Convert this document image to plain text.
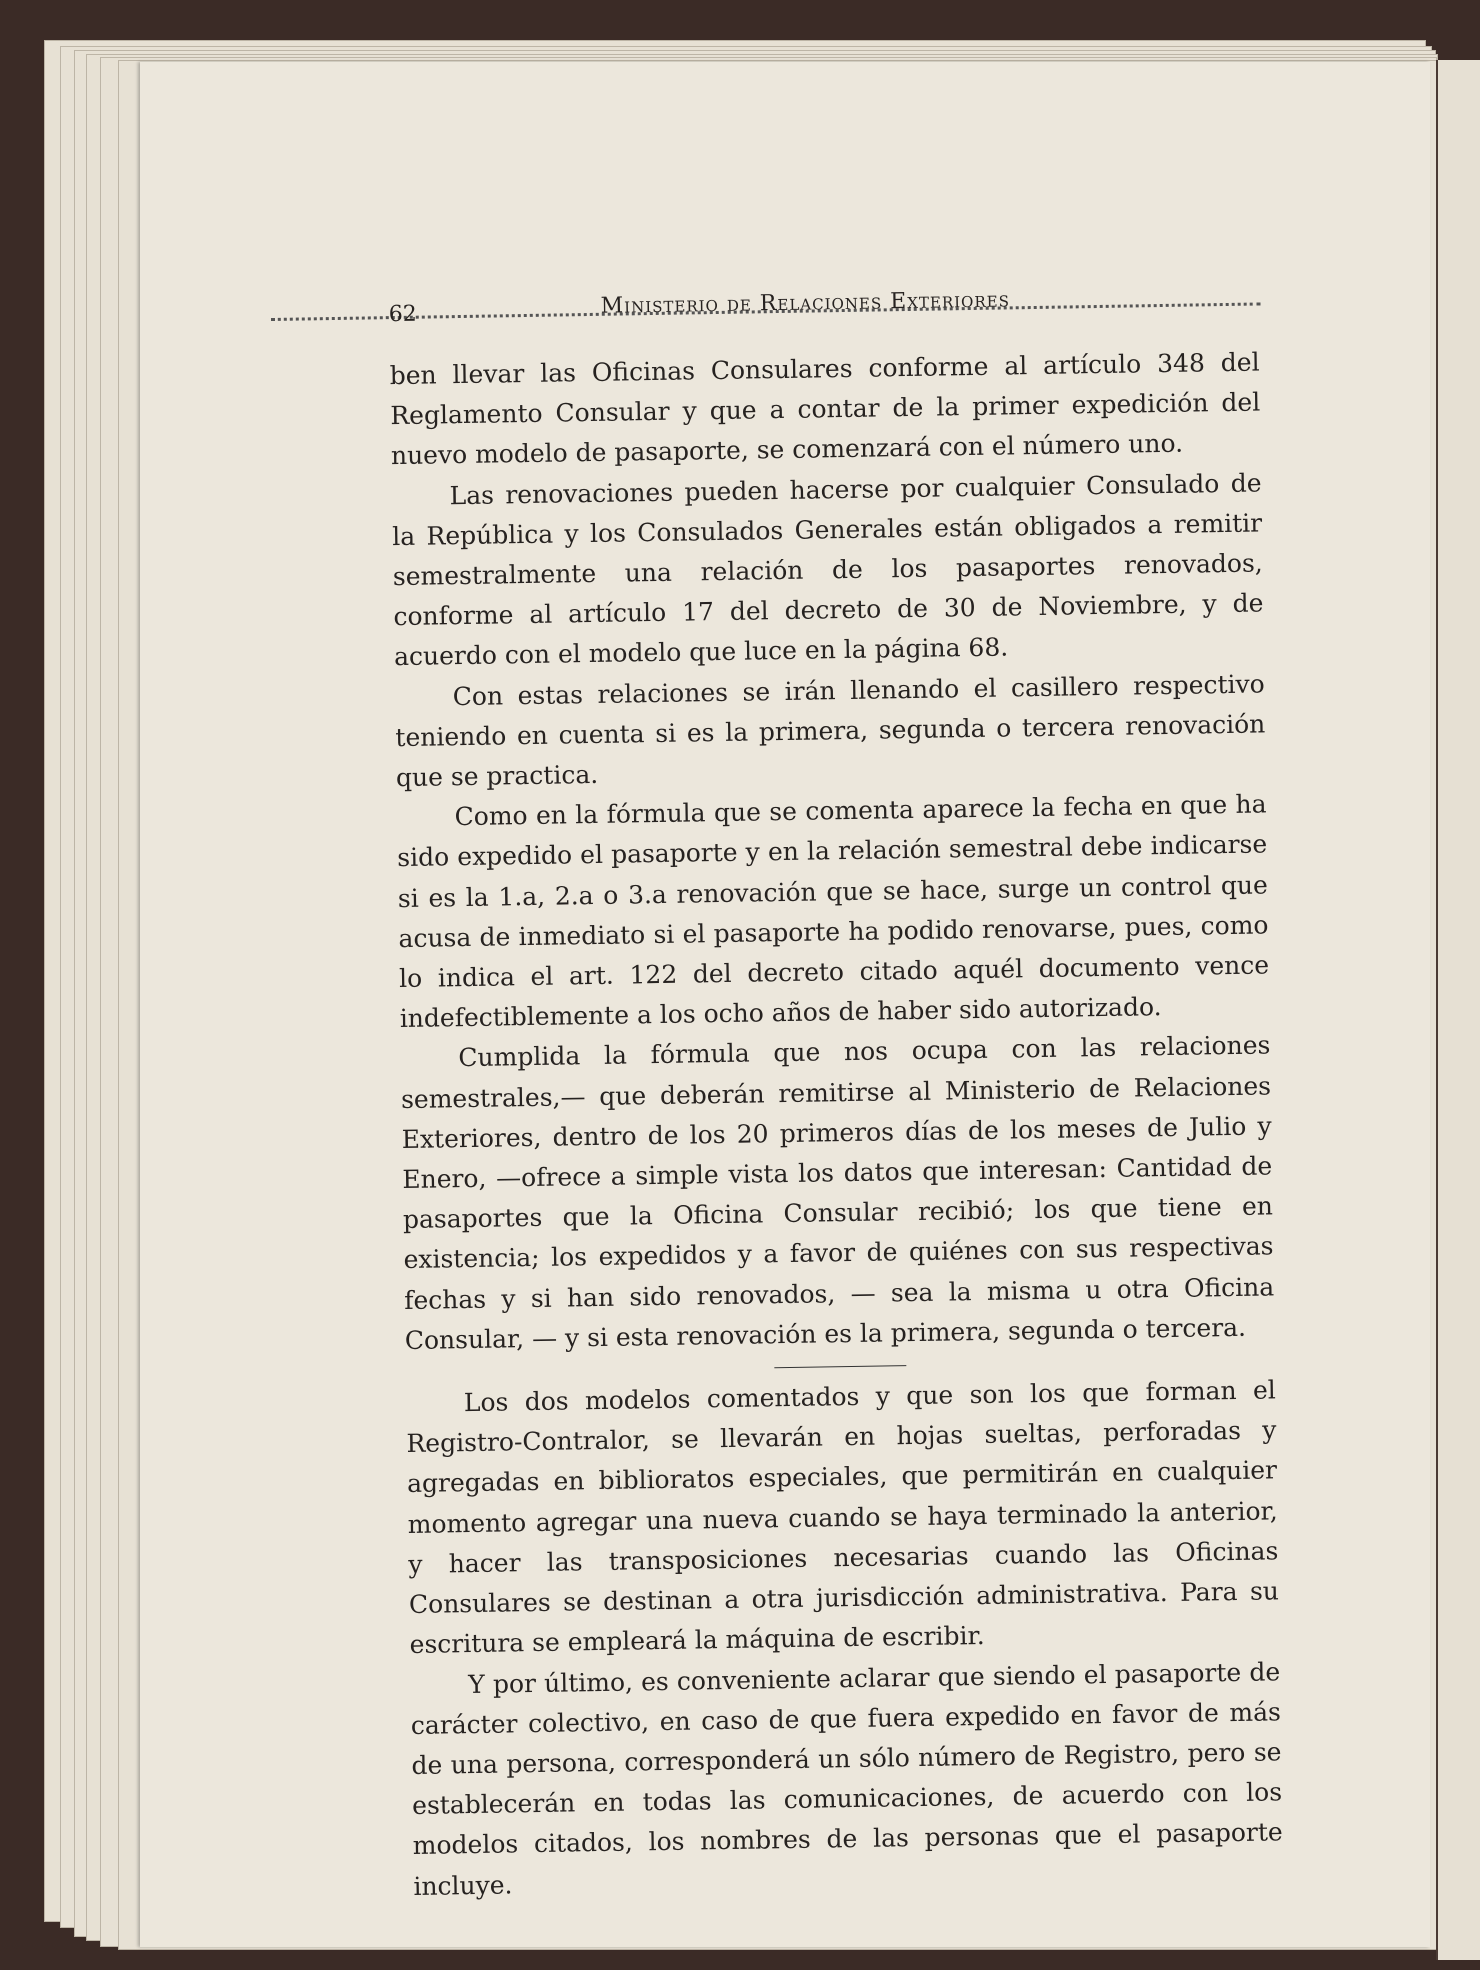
62	Ministerio de Relaciones Exteriores

ben llevar las Oficinas Consulares conforme al artículo 348 del Reglamento Consular y que a contar de la primer expedición del nuevo modelo de pasaporte, se comenzará con el número uno.

Las renovaciones pueden hacerse por cualquier Consulado de la República y los Consulados Generales están obligados a remitir semestralmente una relación de los pasaportes renovados, conforme al artículo 17 del decreto de 30 de Noviembre, y de acuerdo con el modelo que luce en la página 68.

Con estas relaciones se irán llenando el casillero respectivo teniendo en cuenta si es la primera, segunda o tercera renovación que se practica.

Como en la fórmula que se comenta aparece la fecha en que ha sido expedido el pasaporte y en la relación semestral debe indicarse si es la 1.a, 2.a o 3.a renovación que se hace, surge un control que acusa de inmediato si el pasaporte ha podido renovarse, pues, como lo indica el art. 122 del decreto citado aquél documento vence indefectiblemente a los ocho años de haber sido autorizado.

Cumplida la fórmula que nos ocupa con las relaciones semestrales,— que deberán remitirse al Ministerio de Relaciones Exteriores, dentro de los 20 primeros días de los meses de Julio y Enero, —ofrece a simple vista los datos que interesan: Cantidad de pasaportes que la Oficina Consular recibió; los que tiene en existencia; los expedidos y a favor de quiénes con sus respectivas fechas y si han sido renovados, — sea la misma u otra Oficina Consular, — y si esta renovación es la primera, segunda o tercera.

Los dos modelos comentados y que son los que forman el Registro-Contralor, se llevarán en hojas sueltas, perforadas y agregadas en biblioratos especiales, que permitirán en cualquier momento agregar una nueva cuando se haya terminado la anterior, y hacer las transposiciones necesarias cuando las Oficinas Consulares se destinan a otra jurisdicción administrativa. Para su escritura se empleará la máquina de escribir.

Y por último, es conveniente aclarar que siendo el pasaporte de carácter colectivo, en caso de que fuera expedido en favor de más de una persona, corresponderá un sólo número de Registro, pero se establecerán en todas las comunicaciones, de acuerdo con los modelos citados, los nombres de las personas que el pasaporte incluye.
